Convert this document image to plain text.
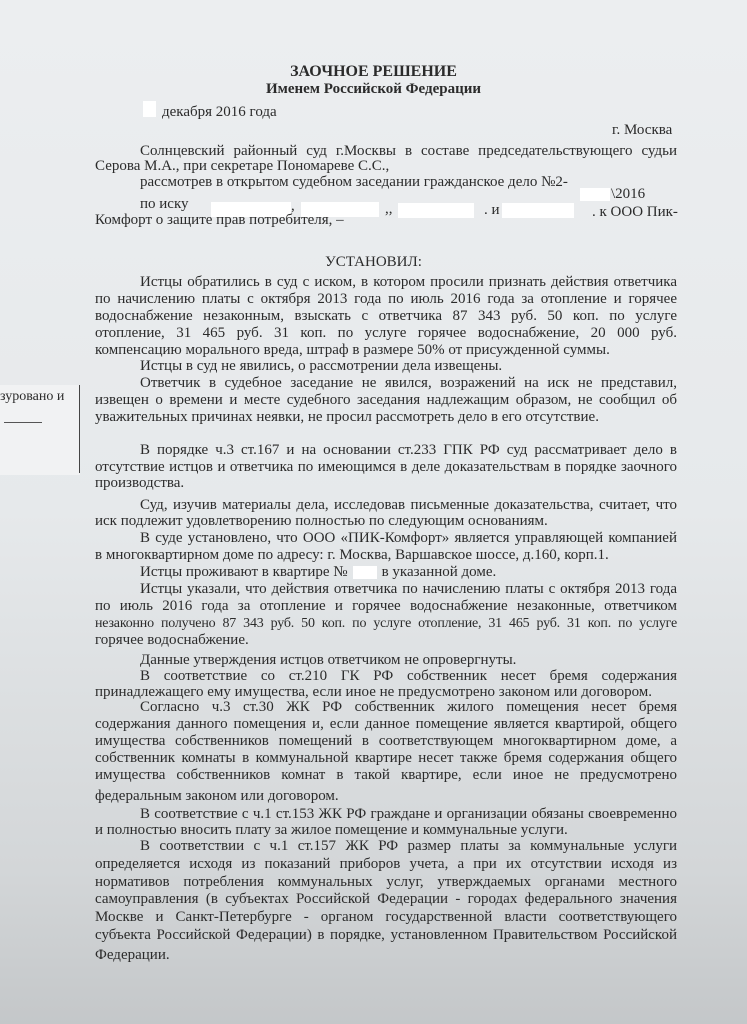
зуровано и
ЗАОЧНОЕ РЕШЕНИЕ
Именем Российской Федерации
декабря 2016 года
г. Москва
Солнцевский районный суд г.Москвы в составе председательствующего судьи
Серова М.А., при секретаре Пономареве С.С.,
рассмотрев в открытом судебном заседании гражданское дело №2-
\2016
по иску	,	,,	. и	. к ООО Пик-
Комфорт о защите прав потребителя, –
УСТАНОВИЛ:
Истцы обратились в суд с иском, в котором просили признать действия ответчика
по начислению платы с октября 2013 года по июль 2016 года за отопление и горячее
водоснабжение незаконным, взыскать с ответчика 87 343 руб. 50 коп. по услуге
отопление, 31 465 руб. 31 коп. по услуге горячее водоснабжение, 20 000 руб.
компенсацию морального вреда, штраф в размере 50% от присужденной суммы.
Истцы в суд не явились, о рассмотрении дела извещены.
Ответчик в судебное заседание не явился, возражений на иск не представил,
извещен о времени и месте судебного заседания надлежащим образом, не сообщил об
уважительных причинах неявки, не просил рассмотреть дело в его отсутствие.
В порядке ч.3 ст.167 и на основании ст.233 ГПК РФ суд рассматривает дело в
отсутствие истцов и ответчика по имеющимся в деле доказательствам в порядке заочного
производства.
Суд, изучив материалы дела, исследовав письменные доказательства, считает, что
иск подлежит удовлетворению полностью по следующим основаниям.
В суде установлено, что ООО «ПИК-Комфорт» является управляющей компанией
в многоквартирном доме по адресу: г. Москва, Варшавское шоссе, д.160, корп.1.
Истцы проживают в квартире № в указанной доме.
Истцы указали, что действия ответчика по начислению платы с октября 2013 года
по июль 2016 года за отопление и горячее водоснабжение незаконные, ответчиком
незаконно получено 87 343 руб. 50 коп. по услуге отопление, 31 465 руб. 31 коп. по услуге
горячее водоснабжение.
Данные утверждения истцов ответчиком не опровергнуты.
В соответствие со ст.210 ГК РФ собственник несет бремя содержания
принадлежащего ему имущества, если иное не предусмотрено законом или договором.
Согласно ч.3 ст.30 ЖК РФ собственник жилого помещения несет бремя
содержания данного помещения и, если данное помещение является квартирой, общего
имущества собственников помещений в соответствующем многоквартирном доме, а
собственник комнаты в коммунальной квартире несет также бремя содержания общего
имущества собственников комнат в такой квартире, если иное не предусмотрено
федеральным законом или договором.
В соответствие с ч.1 ст.153 ЖК РФ граждане и организации обязаны своевременно
и полностью вносить плату за жилое помещение и коммунальные услуги.
В соответствии с ч.1 ст.157 ЖК РФ размер платы за коммунальные услуги
определяется исходя из показаний приборов учета, а при их отсутствии исходя из
нормативов потребления коммунальных услуг, утверждаемых органами местного
самоуправления (в субъектах Российской Федерации - городах федерального значения
Москве и Санкт-Петербурге - органом государственной власти соответствующего
субъекта Российской Федерации) в порядке, установленном Правительством Российской
Федерации.
